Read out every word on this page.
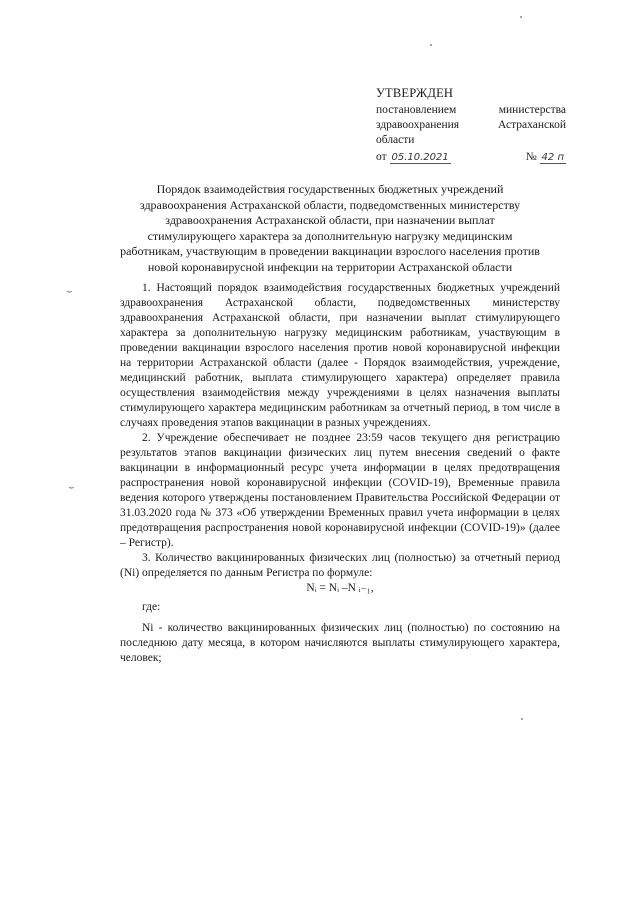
⌣
⌣
УТВЕРЖДЕН
постановлением	министерства
здравоохранения	Астраханской
области
от 05.10.2021	№ 42 п
Порядок взаимодействия государственных бюджетных учреждений здравоохранения Астраханской области, подведомственных министерству здравоохранения Астраханской области, при назначении выплат стимулирующего характера за дополнительную нагрузку медицинским работникам, участвующим в проведении вакцинации взрослого населения против новой коронавирусной инфекции на территории Астраханской области

1. Настоящий порядок взаимодействия государственных бюджетных учреждений здравоохранения Астраханской области, подведомственных министерству здравоохранения Астраханской области, при назначении выплат стимулирующего характера за дополнительную нагрузку медицинским работникам, участвующим в проведении вакцинации взрослого населения против новой коронавирусной инфекции на территории Астраханской области (далее - Порядок взаимодействия, учреждение, медицинский работник, выплата стимулирующего характера) определяет правила осуществления взаимодействия между учреждениями в целях назначения выплаты стимулирующего характера медицинским работникам за отчетный период, в том числе в случаях проведения этапов вакцинации в разных учреждениях.

2. Учреждение обеспечивает не позднее 23:59 часов текущего дня регистрацию результатов этапов вакцинации физических лиц путем внесения сведений о факте вакцинации в информационный ресурс учета информации в целях предотвращения распространения новой коронавирусной инфекции (COVID-19), Временные правила ведения которого утверждены постановлением Правительства Российской Федерации от 31.03.2020 года № 373 «Об утверждении Временных правил учета информации в целях предотвращения распространения новой коронавирусной инфекции (COVID-19)» (далее – Регистр).

3. Количество вакцинированных физических лиц (полностью) за отчетный период (Nі) определяется по данным Регистра по формуле:

Nᵢ = Nᵢ –N ᵢ₋₁,

где:

Ni - количество вакцинированных физических лиц (полностью) по состоянию на последнюю дату месяца, в котором начисляются выплаты стимулирующего характера, человек;
